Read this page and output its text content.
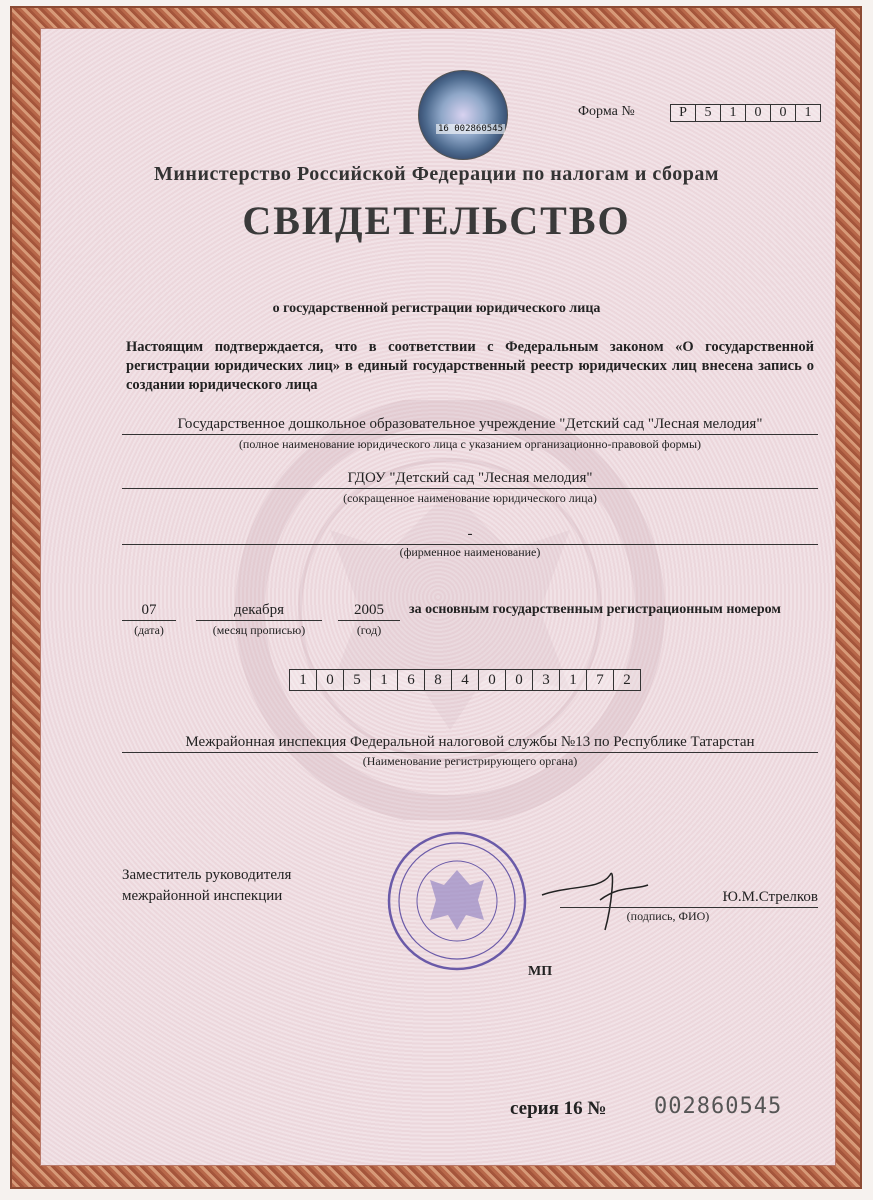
16 002860545
Форма №	Р	5	1	0	0	1
Министерство Российской Федерации по налогам и сборам
СВИДЕТЕЛЬСТВО
о государственной регистрации юридического лица
Настоящим подтверждается, что в соответствии с Федеральным законом «О государственной регистрации юридических лиц» в единый государственный реестр юридических лиц внесена запись о создании юридического лица
Государственное дошкольное образовательное учреждение "Детский сад "Лесная мелодия"
(полное наименование юридического лица с указанием организационно-правовой формы)
ГДОУ "Детский сад "Лесная мелодия"
(сокращенное наименование юридического лица)
-
(фирменное наименование)
07
(дата)
декабря
(месяц прописью)
2005
(год)
за основным государственным регистрационным номером
1	0	5	1	6	8	4	0	0	3	1	7	2
Межрайонная инспекция Федеральной налоговой службы №13 по Республике Татарстан
(Наименование регистрирующего органа)
Заместитель руководителя
межрайонной инспекции	Ю.М.Стрелков
(подпись, ФИО)
МП
серия 16 № 002860545
